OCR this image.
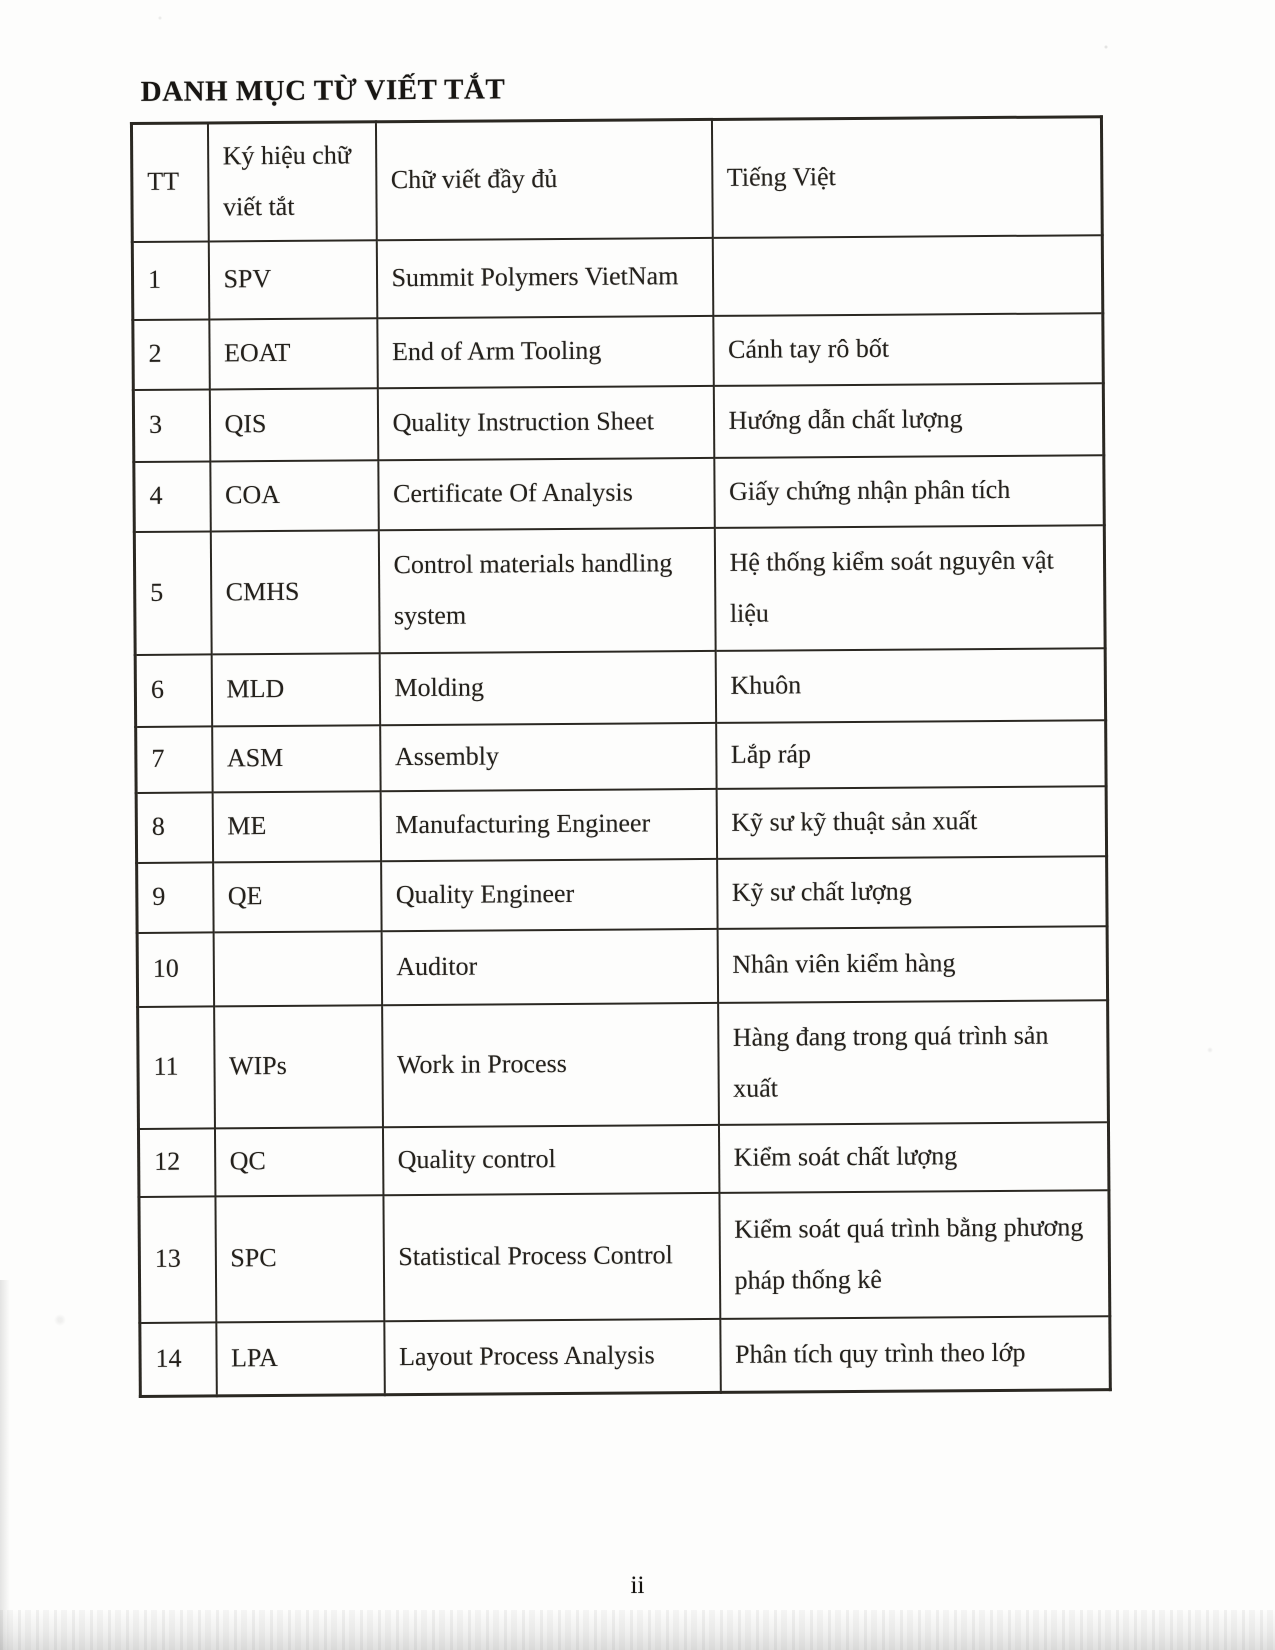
DANH MỤC TỪ VIẾT TẮT
TT	Ký hiệu chữ viết tắt	Chữ viết đầy đủ	Tiếng Việt
1	SPV	Summit Polymers VietNam	
2	EOAT	End of Arm Tooling	Cánh tay rô bốt
3	QIS	Quality Instruction Sheet	Hướng dẫn chất lượng
4	COA	Certificate Of Analysis	Giấy chứng nhận phân tích
5	CMHS	Control materials handling system	Hệ thống kiểm soát nguyên vật liệu
6	MLD	Molding	Khuôn
7	ASM	Assembly	Lắp ráp
8	ME	Manufacturing Engineer	Kỹ sư kỹ thuật sản xuất
9	QE	Quality Engineer	Kỹ sư chất lượng
10		Auditor	Nhân viên kiểm hàng
11	WIPs	Work in Process	Hàng đang trong quá trình sản xuất
12	QC	Quality control	Kiểm soát chất lượng
13	SPC	Statistical Process Control	Kiểm soát quá trình bằng phương pháp thống kê
14	LPA	Layout Process Analysis	Phân tích quy trình theo lớp
ii
